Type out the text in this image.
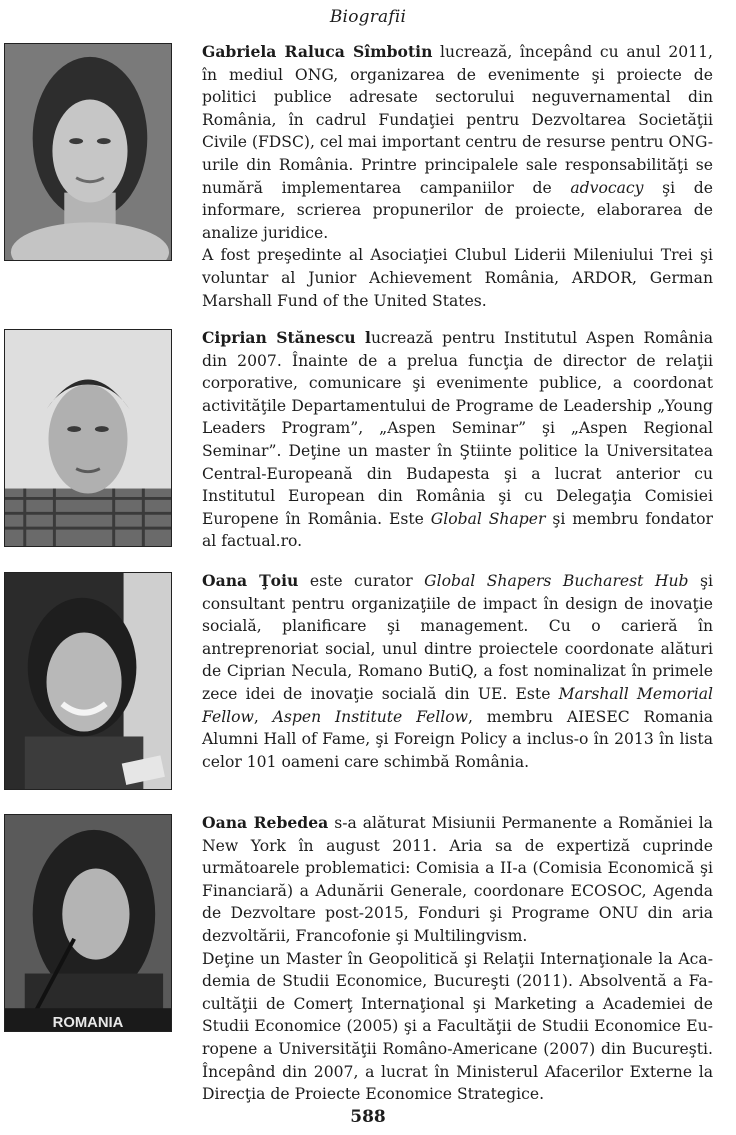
Biografii

Gabriela Raluca Sîmbotin lucrează, începând cu anul 2011, în mediul ONG, organizarea de evenimente şi proiecte de politici publice adresate sectorului neguvernamental din România, în cadrul Fundaţiei pentru Dezvoltarea Societăţii Civile (FDSC), cel mai important centru de resurse pentru ONG-urile din România. Printre principalele sale responsabilităţi se numără implementarea campaniilor de advocacy şi de informare, scrierea propunerilor de proiecte, elaborarea de analize juridice.

A fost preşedinte al Asociaţiei Clubul Liderii Mileniului Trei şi voluntar al Junior Achievement România, ARDOR, German Marshall Fund of the United States.

Ciprian Stănescu lucrează pentru Institutul Aspen România din 2007. Înainte de a prelua funcţia de director de relaţii corporative, comunicare şi evenimente publice, a coordonat activităţile Departamentului de Programe de Leadership „Young Leaders Program”, „Aspen Seminar” şi „Aspen Regional Seminar”. Deţine un master în Ştiinte politice la Universitatea Central-Europeană din Budapesta şi a lucrat anterior cu Institutul European din România şi cu Delegaţia Comisiei Europene în România. Este Global Shaper şi membru fondator al factual.ro.

Oana Ţoiu este curator Global Shapers Bucharest Hub şi consultant pentru organizaţiile de impact în design de inovaţie socială, planificare şi management. Cu o carieră în antreprenoriat social, unul dintre proiectele coordonate alături de Ciprian Necula, Romano ButiQ, a fost nominalizat în primele zece idei de inovaţie socială din UE. Este Marshall Memorial Fellow, Aspen Institute Fellow, membru AIESEC Romania Alumni Hall of Fame, şi Foreign Policy a inclus-o în 2013 în lista celor 101 oameni care schimbă România.

ROMANIA

Oana Rebedea s-a alăturat Misiunii Permanente a Romăniei la New York în august 2011. Aria sa de expertiză cuprinde următoarele problematici: Comisia a II-a (Comisia Economică şi Financiară) a Adunării Generale, coordonare ECOSOC, Agenda de Dezvoltare post-2015, Fonduri şi Programe ONU din aria dezvoltării, Francofonie şi Multilingvism.

Deţine un Master în Geopolitică şi Relaţii Internaţionale la Academia de Studii Economice, Bucureşti (2011). Absolventă a Facultăţii de Comerţ Internaţional şi Marketing a Academiei de Studii Economice (2005) şi a Facultăţii de Studii Economice Europene a Universităţii Româno-Americane (2007) din Bucureşti. Începând din 2007, a lucrat în Ministerul Afacerilor Externe la Direcţia de Proiecte Economice Strategice.

588
